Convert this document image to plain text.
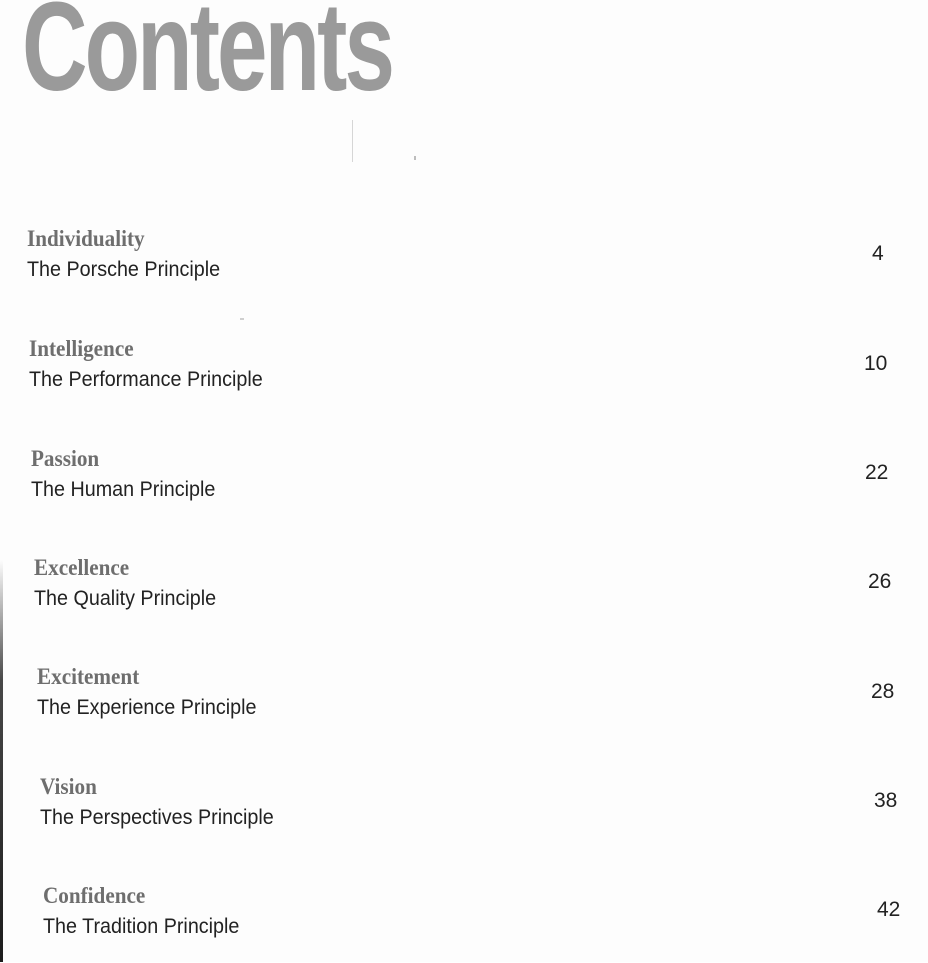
Contents
Individuality
The Porsche Principle
4
Intelligence
The Performance Principle
10
Passion
The Human Principle
22
Excellence
The Quality Principle
26
Excitement
The Experience Principle
28
Vision
The Perspectives Principle
38
Confidence
The Tradition Principle
42
